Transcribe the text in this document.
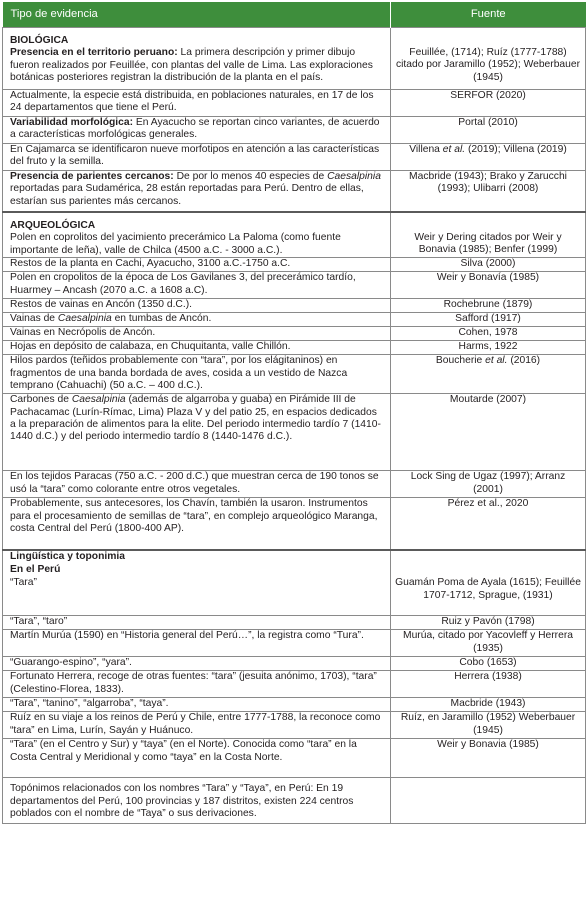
Tipo de evidencia	Fuente

BIOLÓGICA
Presencia en el territorio peruano: La primera descripción y primer dibujo fueron realizados por Feuillée, con plantas del valle de Lima. Las exploraciones botánicas posteriores registran la distribución de la planta en el país.	Feuillée, (1714); Ruíz (1777-1788) citado por Jaramillo (1952); Weberbauer (1945)

Actualmente, la especie está distribuida, en poblaciones naturales, en 17 de los 24 departamentos que tiene el Perú.	SERFOR (2020)
Variabilidad morfológica: En Ayacucho se reportan cinco variantes, de acuerdo a características morfológicas generales.	Portal (2010)
En Cajamarca se identificaron nueve morfotipos en atención a las características del fruto y la semilla.	Villena et al. (2019); Villena (2019)
Presencia de parientes cercanos: De por lo menos 40 especies de Caesalpinia reportadas para Sudamérica, 28 están reportadas para Perú. Dentro de ellas, estarían sus parientes más cercanos.	Macbride (1943); Brako y Zarucchi (1993); Ulibarri (2008)

ARQUEOLÓGICA
Polen en coprolitos del yacimiento precerámico La Paloma (como fuente importante de leña), valle de Chilca (4500 a.C. - 3000 a.C.).	Weir y Dering citados por Weir y Bonavia (1985); Benfer (1999)

Restos de la planta en Cachi, Ayacucho, 3100 a.C.-1750 a.C.	Silva (2000)
Polen en cropolitos de la época de Los Gavilanes 3, del precerámico tardío, Huarmey – Ancash (2070 a.C. a 1608 a.C).	Weir y Bonavía (1985)
Restos de vainas en Ancón (1350 d.C.).	Rochebrune (1879)
Vainas de Caesalpinia en tumbas de Ancón.	Safford (1917)
Vainas en Necrópolis de Ancón.	Cohen, 1978
Hojas en depósito de calabaza, en Chuquitanta, valle Chillón.	Harms, 1922
Hilos pardos (teñidos probablemente con “tara”, por los elágitaninos) en fragmentos de una banda bordada de aves, cosida a un vestido de Nazca temprano (Cahuachi) (50 a.C. – 400 d.C.).	Boucherie et al. (2016)
Carbones de Caesalpinia (además de algarroba y guaba) en Pirámide III de Pachacamac (Lurín-Rímac, Lima) Plaza V y del patio 25, en espacios dedicados a la preparación de alimentos para la elite. Del periodo intermedio tardío 7 (1410-1440 d.C.) y del periodo intermedio tardío 8 (1440-1476 d.C.).	Moutarde (2007)
En los tejidos Paracas (750 a.C. - 200 d.C.) que muestran cerca de 190 tonos se usó la “tara” como colorante entre otros vegetales.	Lock Sing de Ugaz (1997); Arranz (2001)
Probablemente, sus antecesores, los Chavín, también la usaron. Instrumentos para el procesamiento de semillas de “tara”, en complejo arqueológico Maranga, costa Central del Perú (1800-400 AP).	Pérez et al., 2020

Lingüística y toponimia
En el Perú	

“Tara”	Guamán Poma de Ayala (1615); Feuillée 1707-1712, Sprague, (1931)
“Tara”, “taro”	Ruiz y Pavón (1798)
Martín Murúa (1590) en “Historia general del Perú…”, la registra como “Tura”.	Murúa, citado por Yacovleff y Herrera (1935)
“Guarango-espino”, “yara”.	Cobo (1653)
Fortunato Herrera, recoge de otras fuentes: “tara” (jesuita anónimo, 1703), “tara” (Celestino-Florea, 1833).	Herrera (1938)
“Tara”, “tanino”, “algarroba”, “taya”.	Macbride (1943)
Ruíz en su viaje a los reinos de Perú y Chile, entre 1777-1788, la reconoce como “tara” en Lima, Lurín, Sayán y Huánuco.	Ruíz, en Jaramillo (1952) Weberbauer (1945)
“Tara” (en el Centro y Sur) y “taya” (en el Norte). Conocida como “tara” en la Costa Central y Meridional y como “taya” en la Costa Norte.	Weir y Bonavia (1985)

Topónimos relacionados con los nombres “Tara” y “Taya”, en Perú: En 19 departamentos del Perú, 100 provincias y 187 distritos, existen 224 centros poblados con el nombre de “Taya” o sus derivaciones.	
